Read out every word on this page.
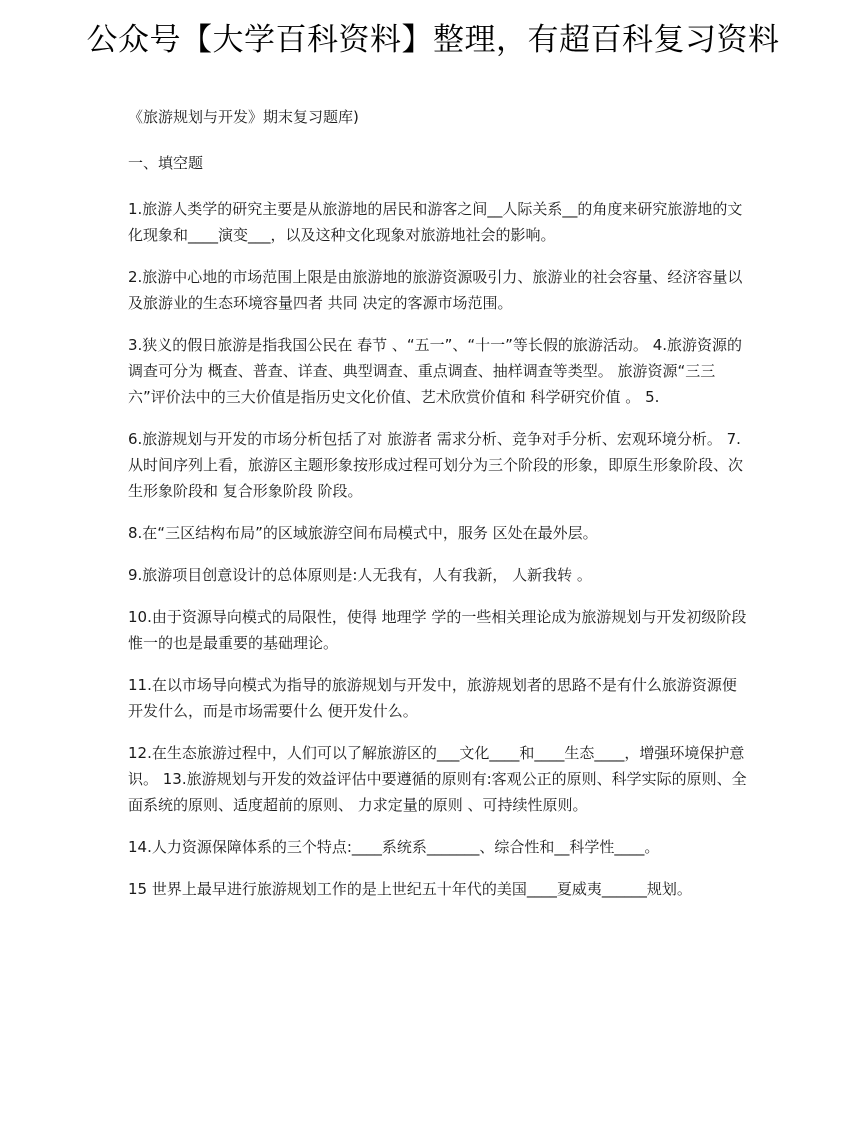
公众号【大学百科资料】整理，有超百科复习资料

《旅游规划与开发》期末复习题库)

一、填空题

1.旅游人类学的研究主要是从旅游地的居民和游客之间__人际关系__的角度来研究旅游地的文化现象和____演变___，以及这种文化现象对旅游地社会的影响。

2.旅游中心地的市场范围上限是由旅游地的旅游资源吸引力、旅游业的社会容量、经济容量以及旅游业的生态环境容量四者 共同 决定的客源市场范围。

3.狭义的假日旅游是指我国公民在 春节 、“五一”、“十一”等长假的旅游活动。 4.旅游资源的调查可分为 概查、普查、详查、典型调查、重点调查、抽样调查等类型。 旅游资源“三三六”评价法中的三大价值是指历史文化价值、艺术欣赏价值和 科学研究价值 。 5.

6.旅游规划与开发的市场分析包括了对 旅游者 需求分析、竞争对手分析、宏观环境分析。 7.从时间序列上看，旅游区主题形象按形成过程可划分为三个阶段的形象，即原生形象阶段、次生形象阶段和 复合形象阶段 阶段。

8.在“三区结构布局”的区域旅游空间布局模式中，服务 区处在最外层。

9.旅游项目创意设计的总体原则是:人无我有，人有我新， 人新我转 。

10.由于资源导向模式的局限性，使得 地理学 学的一些相关理论成为旅游规划与开发初级阶段惟一的也是最重要的基础理论。

11.在以市场导向模式为指导的旅游规划与开发中，旅游规划者的思路不是有什么旅游资源便开发什么，而是市场需要什么 便开发什么。

12.在生态旅游过程中，人们可以了解旅游区的___文化____和____生态____，增强环境保护意识。 13.旅游规划与开发的效益评估中要遵循的原则有:客观公正的原则、科学实际的原则、全面系统的原则、适度超前的原则、 力求定量的原则 、可持续性原则。

14.人力资源保障体系的三个特点:____系统系_______、综合性和__科学性____。

15 世界上最早进行旅游规划工作的是上世纪五十年代的美国____夏威夷______规划。
